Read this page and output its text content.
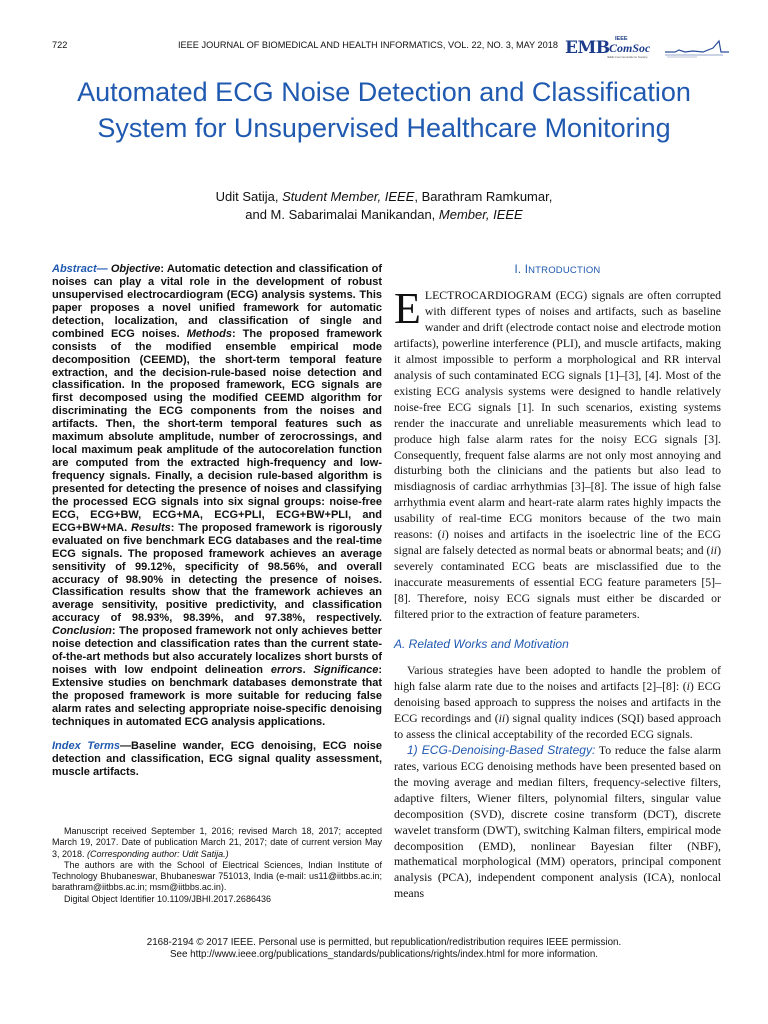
722	IEEE JOURNAL OF BIOMEDICAL AND HEALTH INFORMATICS, VOL. 22, NO. 3, MAY 2018 EMB IEEE
ComSoc
IEEE Communications Society
Automated ECG Noise Detection and Classification System for Unsupervised Healthcare Monitoring
Udit Satija, Student Member, IEEE, Barathram Ramkumar,
and M. Sabarimalai Manikandan, Member, IEEE

Abstract— Objective: Automatic detection and classification of noises can play a vital role in the development of robust unsupervised electrocardiogram (ECG) analysis systems. This paper proposes a novel unified framework for automatic detection, localization, and classification of single and combined ECG noises. Methods: The proposed framework consists of the modified ensemble empirical mode decomposition (CEEMD), the short-term temporal feature extraction, and the decision-rule-based noise detection and classification. In the proposed framework, ECG signals are first decomposed using the modified CEEMD algorithm for discriminating the ECG components from the noises and artifacts. Then, the short-term temporal features such as maximum absolute amplitude, number of zerocrossings, and local maximum peak amplitude of the autocorelation function are computed from the extracted high-frequency and low-frequency signals. Finally, a decision rule-based algorithm is presented for detecting the presence of noises and classifying the processed ECG signals into six signal groups: noise-free ECG, ECG+BW, ECG+MA, ECG+PLI, ECG+BW+PLI, and ECG+BW+MA. Results: The proposed framework is rigorously evaluated on five benchmark ECG databases and the real-time ECG signals. The proposed framework achieves an average sensitivity of 99.12%, specificity of 98.56%, and overall accuracy of 98.90% in detecting the presence of noises. Classification results show that the framework achieves an average sensitivity, positive predictivity, and classification accuracy of 98.93%, 98.39%, and 97.38%, respectively. Conclusion: The proposed framework not only achieves better noise detection and classification rates than the current state-of-the-art methods but also accurately localizes short bursts of noises with low endpoint delineation errors. Significance: Extensive studies on benchmark databases demonstrate that the proposed framework is more suitable for reducing false alarm rates and selecting appropriate noise-specific denoising techniques in automated ECG analysis applications.

Index Terms—Baseline wander, ECG denoising, ECG noise detection and classification, ECG signal quality assessment, muscle artifacts.

Manuscript received September 1, 2016; revised March 18, 2017; accepted March 19, 2017. Date of publication March 21, 2017; date of current version May 3, 2018. (Corresponding author: Udit Satija.)

The authors are with the School of Electrical Sciences, Indian Institute of Technology Bhubaneswar, Bhubaneswar 751013, India (e-mail: us11@iitbbs.ac.in; barathram@iitbbs.ac.in; msm@iitbbs.ac.in).

Digital Object Identifier 10.1109/JBHI.2017.2686436

I. INTRODUCTION

ELECTROCARDIOGRAM (ECG) signals are often corrupted with different types of noises and artifacts, such as baseline wander and drift (electrode contact noise and electrode motion artifacts), powerline interference (PLI), and muscle artifacts, making it almost impossible to perform a morphological and RR interval analysis of such contaminated ECG signals [1]–[3], [4]. Most of the existing ECG analysis systems were designed to handle relatively noise-free ECG signals [1]. In such scenarios, existing systems render the inaccurate and unreliable measurements which lead to produce high false alarm rates for the noisy ECG signals [3]. Consequently, frequent false alarms are not only most annoying and disturbing both the clinicians and the patients but also lead to misdiagnosis of cardiac arrhythmias [3]–[8]. The issue of high false arrhythmia event alarm and heart-rate alarm rates highly impacts the usability of real-time ECG monitors because of the two main reasons: (i) noises and artifacts in the isoelectric line of the ECG signal are falsely detected as normal beats or abnormal beats; and (ii) severely contaminated ECG beats are misclassified due to the inaccurate measurements of essential ECG feature parameters [5]–[8]. Therefore, noisy ECG signals must either be discarded or filtered prior to the extraction of feature parameters.

A. Related Works and Motivation

Various strategies have been adopted to handle the problem of high false alarm rate due to the noises and artifacts [2]–[8]: (i) ECG denoising based approach to suppress the noises and artifacts in the ECG recordings and (ii) signal quality indices (SQI) based approach to assess the clinical acceptability of the recorded ECG signals.

1) ECG-Denoising-Based Strategy: To reduce the false alarm rates, various ECG denoising methods have been presented based on the moving average and median filters, frequency-selective filters, adaptive filters, Wiener filters, polynomial filters, singular value decomposition (SVD), discrete cosine transform (DCT), discrete wavelet transform (DWT), switching Kalman filters, empirical mode decomposition (EMD), nonlinear Bayesian filter (NBF), mathematical morphological (MM) operators, principal component analysis (PCA), independent component analysis (ICA), nonlocal means

2168-2194 © 2017 IEEE. Personal use is permitted, but republication/redistribution requires IEEE permission.
See http://www.ieee.org/publications_standards/publications/rights/index.html for more information.
